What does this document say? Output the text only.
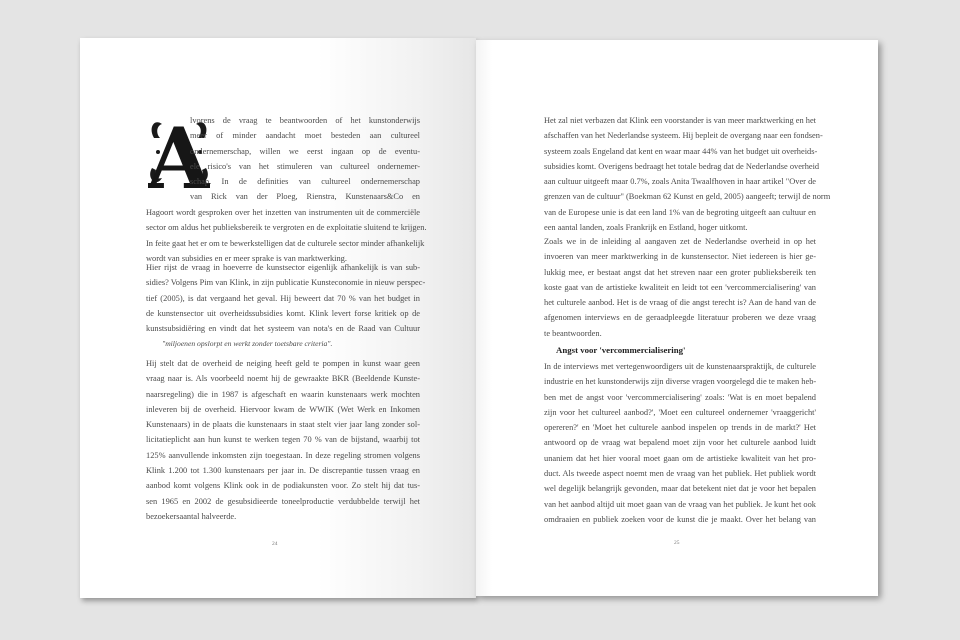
A
lvorens de vraag te beantwoorden of het kunstonderwijs
meer of minder aandacht moet besteden aan cultureel
ondernemerschap, willen we eerst ingaan op de eventu-
ele risico's van het stimuleren van cultureel ondernemer-
schap. In de definities van cultureel ondernemerschap
van Rick van der Ploeg, Rienstra, Kunstenaars&Co en
Hagoort wordt gesproken over het inzetten van instrumenten uit de commerciële
sector om aldus het publieksbereik te vergroten en de exploitatie sluitend te krijgen.
In feite gaat het er om te bewerkstelligen dat de culturele sector minder afhankelijk
wordt van subsidies en er meer sprake is van marktwerking.
Hier rijst de vraag in hoeverre de kunstsector eigenlijk afhankelijk is van sub-
sidies? Volgens Pim van Klink, in zijn publicatie Kunsteconomie in nieuw perspec-
tief (2005), is dat vergaand het geval. Hij beweert dat 70 % van het budget in
de kunstensector uit overheidssubsidies komt. Klink levert forse kritiek op de
kunstsubsidiëring en vindt dat het systeem van nota's en de Raad van Cultuur
"miljoenen opslorpt en werkt zonder toetsbare criteria".
Hij stelt dat de overheid de neiging heeft geld te pompen in kunst waar geen
vraag naar is. Als voorbeeld noemt hij de gewraakte BKR (Beeldende Kunste-
naarsregeling) die in 1987 is afgeschaft en waarin kunstenaars werk mochten
inleveren bij de overheid. Hiervoor kwam de WWIK (Wet Werk en Inkomen
Kunstenaars) in de plaats die kunstenaars in staat stelt vier jaar lang zonder sol-
licitatieplicht aan hun kunst te werken tegen 70 % van de bijstand, waarbij tot
125% aanvullende inkomsten zijn toegestaan. In deze regeling stromen volgens
Klink 1.200 tot 1.300 kunstenaars per jaar in. De discrepantie tussen vraag en
aanbod komt volgens Klink ook in de podiakunsten voor. Zo stelt hij dat tus-
sen 1965 en 2002 de gesubsidieerde toneelproductie verdubbelde terwijl het
bezoekersaantal halveerde.
24
Het zal niet verbazen dat Klink een voorstander is van meer marktwerking en het
afschaffen van het Nederlandse systeem. Hij bepleit de overgang naar een fondsen-
systeem zoals Engeland dat kent en waar maar 44% van het budget uit overheids-
subsidies komt. Overigens bedraagt het totale bedrag dat de Nederlandse overheid
aan cultuur uitgeeft maar 0.7%, zoals Anita Twaalfhoven in haar artikel "Over de
grenzen van de cultuur" (Boekman 62 Kunst en geld, 2005) aangeeft; terwijl de norm
van de Europese unie is dat een land 1% van de begroting uitgeeft aan cultuur en
een aantal landen, zoals Frankrijk en Estland, hoger uitkomt.
Zoals we in de inleiding al aangaven zet de Nederlandse overheid in op het
invoeren van meer marktwerking in de kunstensector. Niet iedereen is hier ge-
lukkig mee, er bestaat angst dat het streven naar een groter publieksbereik ten
koste gaat van de artistieke kwaliteit en leidt tot een 'vercommercialisering' van
het culturele aanbod. Het is de vraag of die angst terecht is? Aan de hand van de
afgenomen interviews en de geraadpleegde literatuur proberen we deze vraag
te beantwoorden.
Angst voor 'vercommercialisering'
In de interviews met vertegenwoordigers uit de kunstenaarspraktijk, de culturele
industrie en het kunstonderwijs zijn diverse vragen voorgelegd die te maken heb-
ben met de angst voor 'vercommercialisering' zoals: 'Wat is en moet bepalend
zijn voor het cultureel aanbod?', 'Moet een cultureel ondernemer 'vraaggericht'
opereren?' en 'Moet het culturele aanbod inspelen op trends in de markt?' Het
antwoord op de vraag wat bepalend moet zijn voor het culturele aanbod luidt
unaniem dat het hier vooral moet gaan om de artistieke kwaliteit van het pro-
duct. Als tweede aspect noemt men de vraag van het publiek. Het publiek wordt
wel degelijk belangrijk gevonden, maar dat betekent niet dat je voor het bepalen
van het aanbod altijd uit moet gaan van de vraag van het publiek. Je kunt het ook
omdraaien en publiek zoeken voor de kunst die je maakt. Over het belang van
25
